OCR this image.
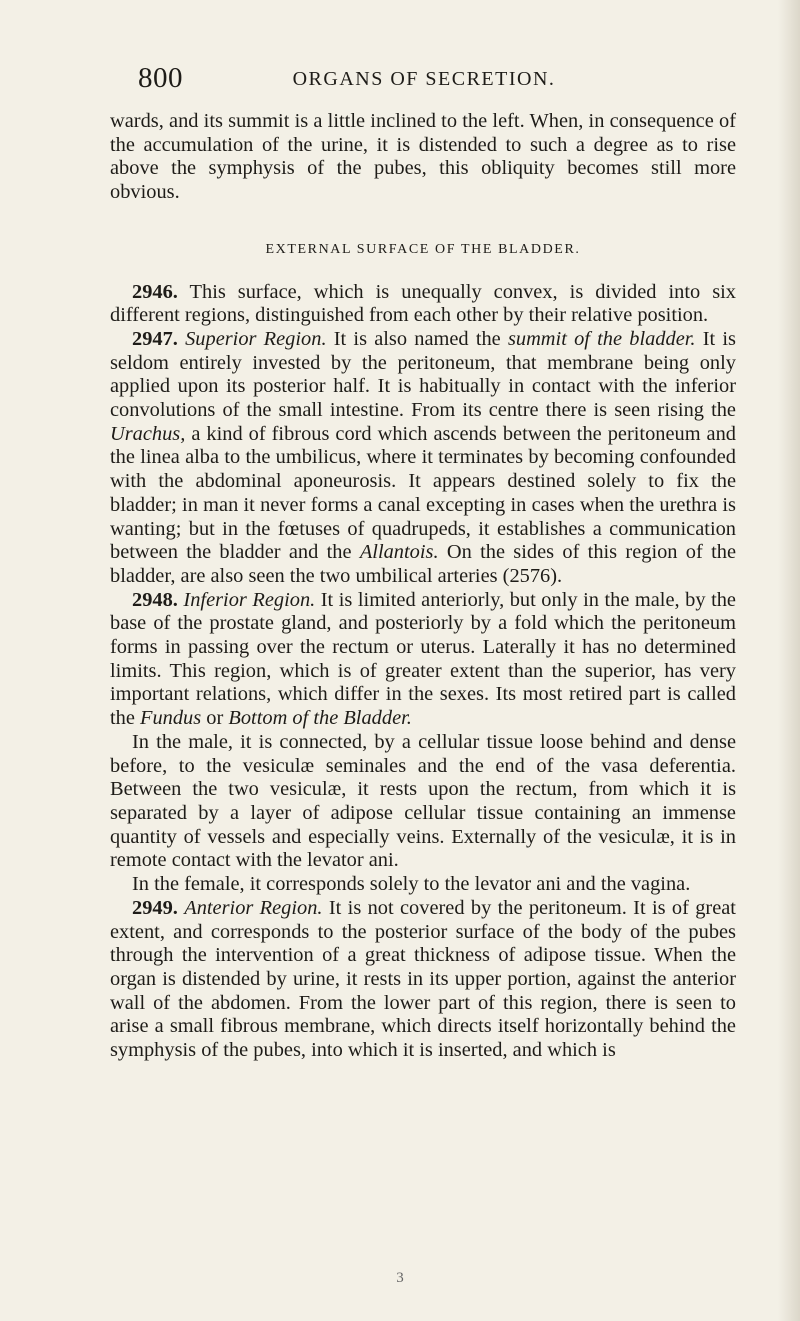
800	ORGANS OF SECRETION.

wards, and its summit is a little inclined to the left. When, in consequence of the accumulation of the urine, it is distended to such a degree as to rise above the symphysis of the pubes, this obliquity becomes still more obvious.

EXTERNAL SURFACE OF THE BLADDER.

2946. This surface, which is unequally convex, is divided into six different regions, distinguished from each other by their relative position.

2947. Superior Region. It is also named the summit of the bladder. It is seldom entirely invested by the peritoneum, that membrane being only applied upon its posterior half. It is habitually in contact with the inferior convolutions of the small intestine. From its centre there is seen rising the Urachus, a kind of fibrous cord which ascends between the peritoneum and the linea alba to the umbilicus, where it terminates by becoming confounded with the abdominal aponeurosis. It appears destined solely to fix the bladder; in man it never forms a canal excepting in cases when the urethra is wanting; but in the fœtuses of quadrupeds, it establishes a communication between the bladder and the Allantois. On the sides of this region of the bladder, are also seen the two umbilical arteries (2576).

2948. Inferior Region. It is limited anteriorly, but only in the male, by the base of the prostate gland, and posteriorly by a fold which the peritoneum forms in passing over the rectum or uterus. Laterally it has no determined limits. This region, which is of greater extent than the superior, has very important relations, which differ in the sexes. Its most retired part is called the Fundus or Bottom of the Bladder.

In the male, it is connected, by a cellular tissue loose behind and dense before, to the vesiculæ seminales and the end of the vasa deferentia. Between the two vesiculæ, it rests upon the rectum, from which it is separated by a layer of adipose cellular tissue containing an immense quantity of vessels and especially veins. Externally of the vesiculæ, it is in remote contact with the levator ani.

In the female, it corresponds solely to the levator ani and the vagina.

2949. Anterior Region. It is not covered by the peritoneum. It is of great extent, and corresponds to the posterior surface of the body of the pubes through the intervention of a great thickness of adipose tissue. When the organ is distended by urine, it rests in its upper portion, against the anterior wall of the abdomen. From the lower part of this region, there is seen to arise a small fibrous membrane, which directs itself horizontally behind the symphysis of the pubes, into which it is inserted, and which is

3
